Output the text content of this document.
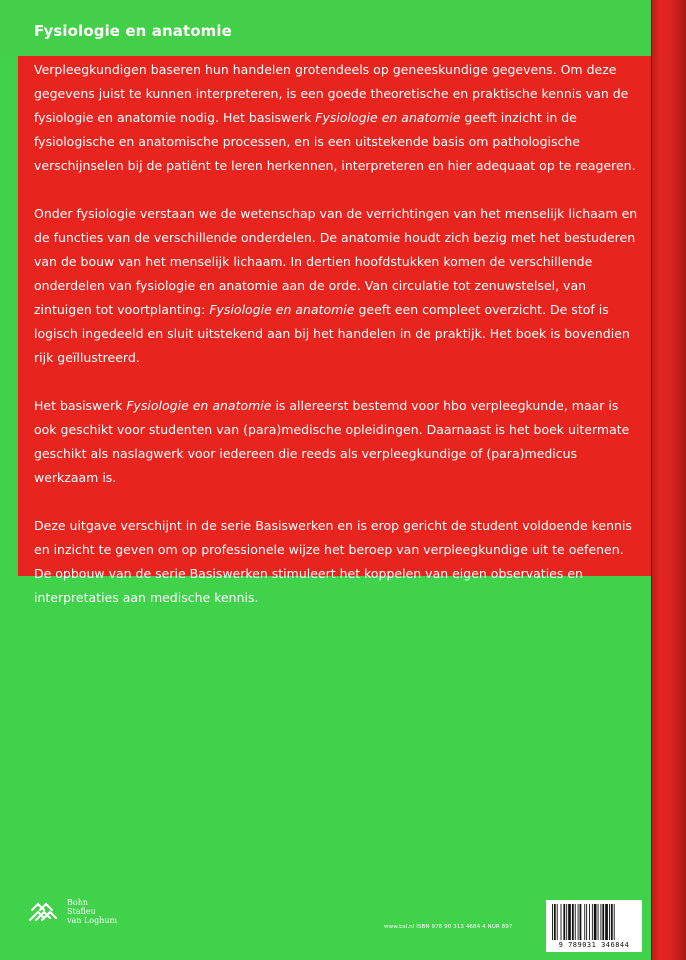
Fysiologie en anatomie

Verpleegkundigen baseren hun handelen grotendeels op geneeskundige gegevens. Om deze gegevens juist te kunnen interpreteren, is een goede theoretische en praktische kennis van de fysiologie en anatomie nodig. Het basiswerk Fysiologie en anatomie geeft inzicht in de fysiologische en anatomische processen, en is een uitstekende basis om pathologische verschijnselen bij de patiënt te leren herkennen, interpreteren en hier adequaat op te reageren.

Onder fysiologie verstaan we de wetenschap van de verrichtingen van het menselijk lichaam en de functies van de verschillende onderdelen. De anatomie houdt zich bezig met het bestuderen van de bouw van het menselijk lichaam. In dertien hoofdstukken komen de verschillende onderdelen van fysiologie en anatomie aan de orde. Van circulatie tot zenuwstelsel, van zintuigen tot voortplanting: Fysiologie en anatomie geeft een compleet overzicht. De stof is logisch ingedeeld en sluit uitstekend aan bij het handelen in de praktijk. Het boek is bovendien rijk geïllustreerd.

Het basiswerk Fysiologie en anatomie is allereerst bestemd voor hbo verpleegkunde, maar is ook geschikt voor studenten van (para)medische opleidingen. Daarnaast is het boek uitermate geschikt als naslagwerk voor iedereen die reeds als verpleegkundige of (para)medicus werkzaam is.

Deze uitgave verschijnt in de serie Basiswerken en is erop gericht de student voldoende kennis en inzicht te geven om op professionele wijze het beroep van verpleegkundige uit te oefenen. De opbouw van de serie Basiswerken stimuleert het koppelen van eigen observaties en interpretaties aan medische kennis.

Bohn
Stafleu
van Loghum
www.bsl.nl ISBN 978 90 313 4684 4 NUR 897
9 789031 346844
